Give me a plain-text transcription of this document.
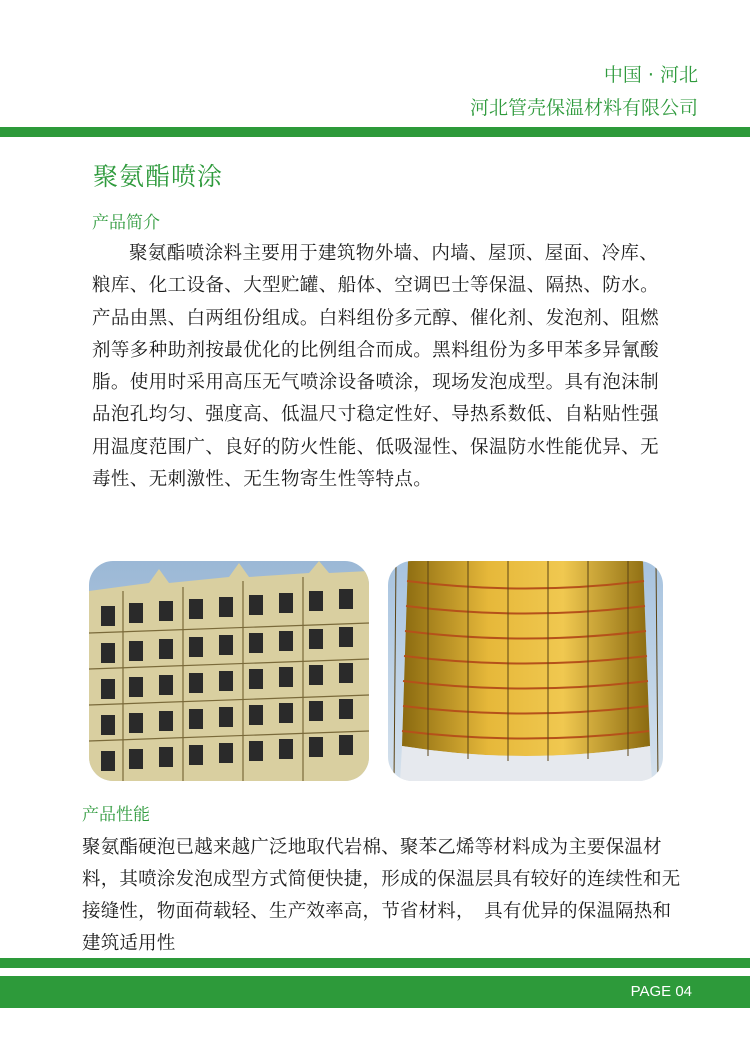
中国 · 河北
河北管壳保温材料有限公司
聚氨酯喷涂
产品简介
聚氨酯喷涂料主要用于建筑物外墙、内墙、屋顶、屋面、冷库、粮库、化工设备、大型贮罐、船体、空调巴士等保温、隔热、防水。产品由黑、白两组份组成。白料组份多元醇、催化剂、发泡剂、阻燃剂等多种助剂按最优化的比例组合而成。黑料组份为多甲苯多异氰酸脂。使用时采用高压无气喷涂设备喷涂，现场发泡成型。具有泡沫制品泡孔均匀、强度高、低温尺寸稳定性好、导热系数低、自粘贴性强用温度范围广、良好的防火性能、低吸湿性、保温防水性能优异、无毒性、无刺激性、无生物寄生性等特点。
产品性能
聚氨酯硬泡已越来越广泛地取代岩棉、聚苯乙烯等材料成为主要保温材料，其喷涂发泡成型方式简便快捷，形成的保温层具有较好的连续性和无接缝性，物面荷载轻、生产效率高，节省材料，　具有优异的保温隔热和建筑适用性
PAGE 04
